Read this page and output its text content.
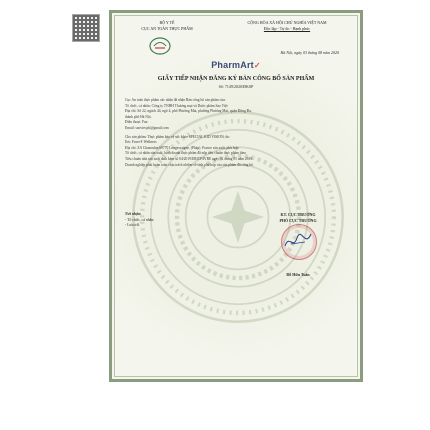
BỘ Y TẾ
CỤC AN TOÀN THỰC PHẨM
CỘNG HÒA XÃ HỘI CHỦ NGHĨA VIỆT NAM
Độc lập - Tự do - Hạnh phúc
Hà Nội, ngày 03 tháng 08 năm 2020
PharmArt✓
GIẤY TIẾP NHẬN ĐĂNG KÝ BẢN CÔNG BỐ SẢN PHẨM
Số: 7149/2020/ĐKSP
Cục An toàn thực phẩm xác nhận đã nhận Bản công bố sản phẩm của:
Tổ chức, cá nhân: Công ty TNHH Thương mại và Dược phẩm Sao Việt
Địa chỉ: Số 22, ngách 44, ngõ 4, phố Phương Mai, phường Phương Mai, quận Đống Đa,
thành phố Hà Nội.
Điện thoại: Fax:
Email: saoviet.ph@gmail.com
Cho sản phẩm: Thực phẩm bảo vệ sức khỏe SPECIAL KID VISION; do:
Eric Favre® Wellness
Địa chỉ: ZA Chanoulan 69770 Longessaigne, (Pháp). France sản xuất, phù hợp:
Tổ chức, cá nhân sản xuất, kinh doanh thực phẩm đã nộp tiêu chuẩn thực phẩm theo
Tiêu chuẩn nhà sản xuất dinh kèm số 04/2019/ERICFAVRE ngày 01 tháng 05 năm 2019.
Doanh nghiệp phải hoàn toàn chịu trách nhiệm về tính phù hợp của sản phẩm đã công bố.
Nơi nhận:
- Tổ chức, cá nhân;
- Lưu trữ.
KT. CỤC TRƯỞNG
PHÓ CỤC TRƯỞNG
Đỗ Hữu Tuấn
